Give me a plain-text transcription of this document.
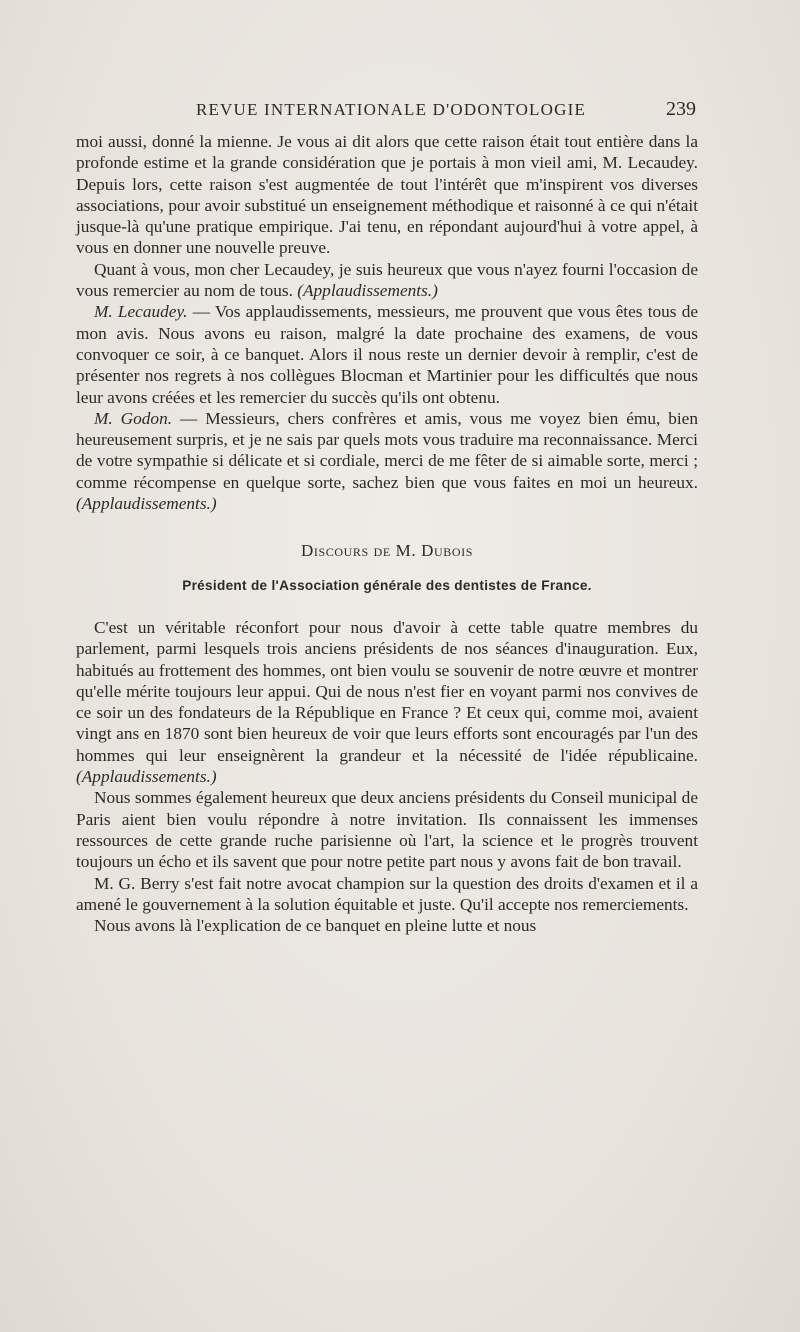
REVUE INTERNATIONALE D'ODONTOLOGIE	239

moi aussi, donné la mienne. Je vous ai dit alors que cette raison était tout entière dans la profonde estime et la grande considération que je portais à mon vieil ami, M. Lecaudey. Depuis lors, cette raison s'est augmentée de tout l'intérêt que m'inspirent vos diverses associations, pour avoir substitué un enseignement méthodique et raisonné à ce qui n'était jusque-là qu'une pratique empirique. J'ai tenu, en répondant aujourd'hui à votre appel, à vous en donner une nouvelle preuve.

Quant à vous, mon cher Lecaudey, je suis heureux que vous n'ayez fourni l'occasion de vous remercier au nom de tous. (Applaudissements.)

M. Lecaudey. — Vos applaudissements, messieurs, me prouvent que vous êtes tous de mon avis. Nous avons eu raison, malgré la date prochaine des examens, de vous convoquer ce soir, à ce banquet. Alors il nous reste un dernier devoir à remplir, c'est de présenter nos regrets à nos collègues Blocman et Martinier pour les difficultés que nous leur avons créées et les remercier du succès qu'ils ont obtenu.

M. Godon. — Messieurs, chers confrères et amis, vous me voyez bien ému, bien heureusement surpris, et je ne sais par quels mots vous traduire ma reconnaissance. Merci de votre sympathie si délicate et si cordiale, merci de me fêter de si aimable sorte, merci ; comme récompense en quelque sorte, sachez bien que vous faites en moi un heureux. (Applaudissements.)

Discours de M. Dubois
Président de l'Association générale des dentistes de France.

C'est un véritable réconfort pour nous d'avoir à cette table quatre membres du parlement, parmi lesquels trois anciens présidents de nos séances d'inauguration. Eux, habitués au frottement des hommes, ont bien voulu se souvenir de notre œuvre et montrer qu'elle mérite toujours leur appui. Qui de nous n'est fier en voyant parmi nos convives de ce soir un des fondateurs de la République en France ? Et ceux qui, comme moi, avaient vingt ans en 1870 sont bien heureux de voir que leurs efforts sont encouragés par l'un des hommes qui leur enseignèrent la grandeur et la nécessité de l'idée républicaine. (Applaudissements.)

Nous sommes également heureux que deux anciens présidents du Conseil municipal de Paris aient bien voulu répondre à notre invitation. Ils connaissent les immenses ressources de cette grande ruche parisienne où l'art, la science et le progrès trouvent toujours un écho et ils savent que pour notre petite part nous y avons fait de bon travail.

M. G. Berry s'est fait notre avocat champion sur la question des droits d'examen et il a amené le gouvernement à la solution équitable et juste. Qu'il accepte nos remerciements.

Nous avons là l'explication de ce banquet en pleine lutte et nous
